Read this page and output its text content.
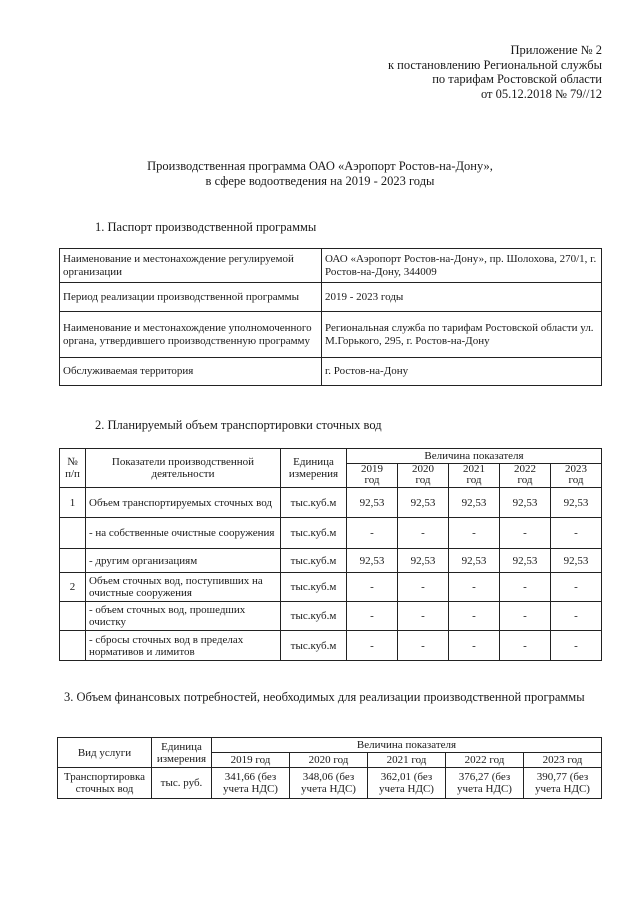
Приложение № 2
к постановлению Региональной службы
по тарифам Ростовской области
от 05.12.2018 № 79//12
Производственная программа ОАО «Аэропорт Ростов-на-Дону»,
в сфере водоотведения на 2019 - 2023 годы
1. Паспорт производственной программы
Наименование и местонахождение регулируемой организации	ОАО «Аэропорт Ростов-на-Дону», пр. Шолохова, 270/1, г. Ростов-на-Дону, 344009
Период реализации производственной программы	2019 - 2023 годы
Наименование и местонахождение уполномоченного органа, утвердившего производственную программу	Региональная служба по тарифам Ростовской области ул. М.Горького, 295, г. Ростов-на-Дону
Обслуживаемая территория	г. Ростов-на-Дону
2. Планируемый объем транспортировки сточных вод
№ п/п	Показатели производственной деятельности	Единица измерения	Величина показателя				
			2019	2020	2021	2022	2023
			год	год	год	год	год
1	Объем транспортируемых сточных вод	тыс.куб.м	92,53	92,53	92,53	92,53	92,53
	- на собственные очистные сооружения	тыс.куб.м	-	-	-	-	-
	- другим организациям	тыс.куб.м	92,53	92,53	92,53	92,53	92,53
2	Объем сточных вод, поступивших на очистные сооружения	тыс.куб.м	-	-	-	-	-
	- объем сточных вод, прошедших очистку	тыс.куб.м	-	-	-	-	-
	- сбросы сточных вод в пределах нормативов и лимитов	тыс.куб.м	-	-	-	-	-
3. Объем финансовых потребностей, необходимых для реализации производственной программы
Вид услуги	Единица измерения	Величина показателя				
		2019 год	2020 год	2021 год	2022 год	2023 год
Транспортировка сточных вод	тыс. руб.	341,66 (без учета НДС)	348,06 (без учета НДС)	362,01 (без учета НДС)	376,27 (без учета НДС)	390,77 (без учета НДС)
